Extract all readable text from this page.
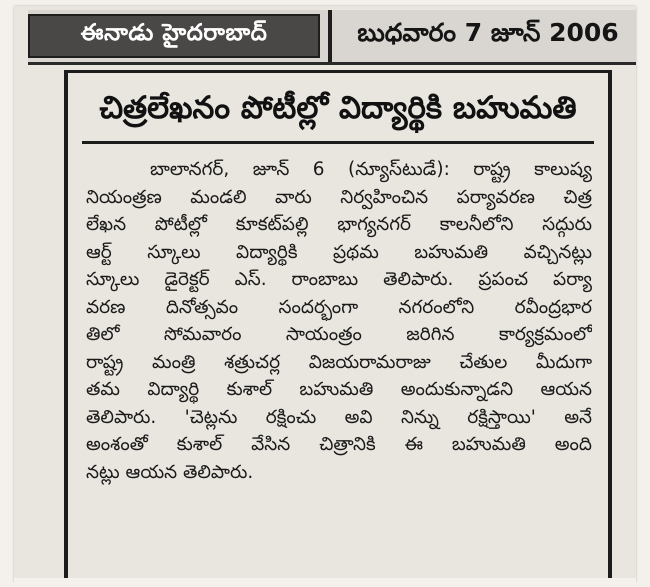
ఈనాడు హైదరాబాద్	బుధవారం 7 జూన్ 2006
చిత్రలేఖనం పోటీల్లో విద్యార్థికి బహుమతి
బాలానగర్, జూన్ 6 (న్యూస్‌టుడే): రాష్ట్ర కాలుష్య
నియంత్రణ మండలి వారు నిర్వహించిన పర్యావరణ చిత్ర
లేఖన పోటీల్లో కూకట్‌పల్లి భాగ్యనగర్ కాలనీలోని సద్గురు
ఆర్ట్ స్కూలు విద్యార్థికి ప్రథమ బహుమతి వచ్చినట్లు
స్కూలు డైరెక్టర్ ఎస్. రాంబాబు తెలిపారు. ప్రపంచ పర్యా
వరణ దినోత్సవం సందర్భంగా నగరంలోని రవీంద్రభార
తిలో సోమవారం సాయంత్రం జరిగిన కార్యక్రమంలో
రాష్ట్ర మంత్రి శత్రుచర్ల విజయరామరాజు చేతుల మీదుగా
తమ విద్యార్థి కుశాల్ బహుమతి అందుకున్నాడని ఆయన
తెలిపారు. 'చెట్లను రక్షించు అవి నిన్ను రక్షిస్తాయి' అనే
అంశంతో కుశాల్ వేసిన చిత్రానికి ఈ బహుమతి అంది
నట్లు ఆయన తెలిపారు.
